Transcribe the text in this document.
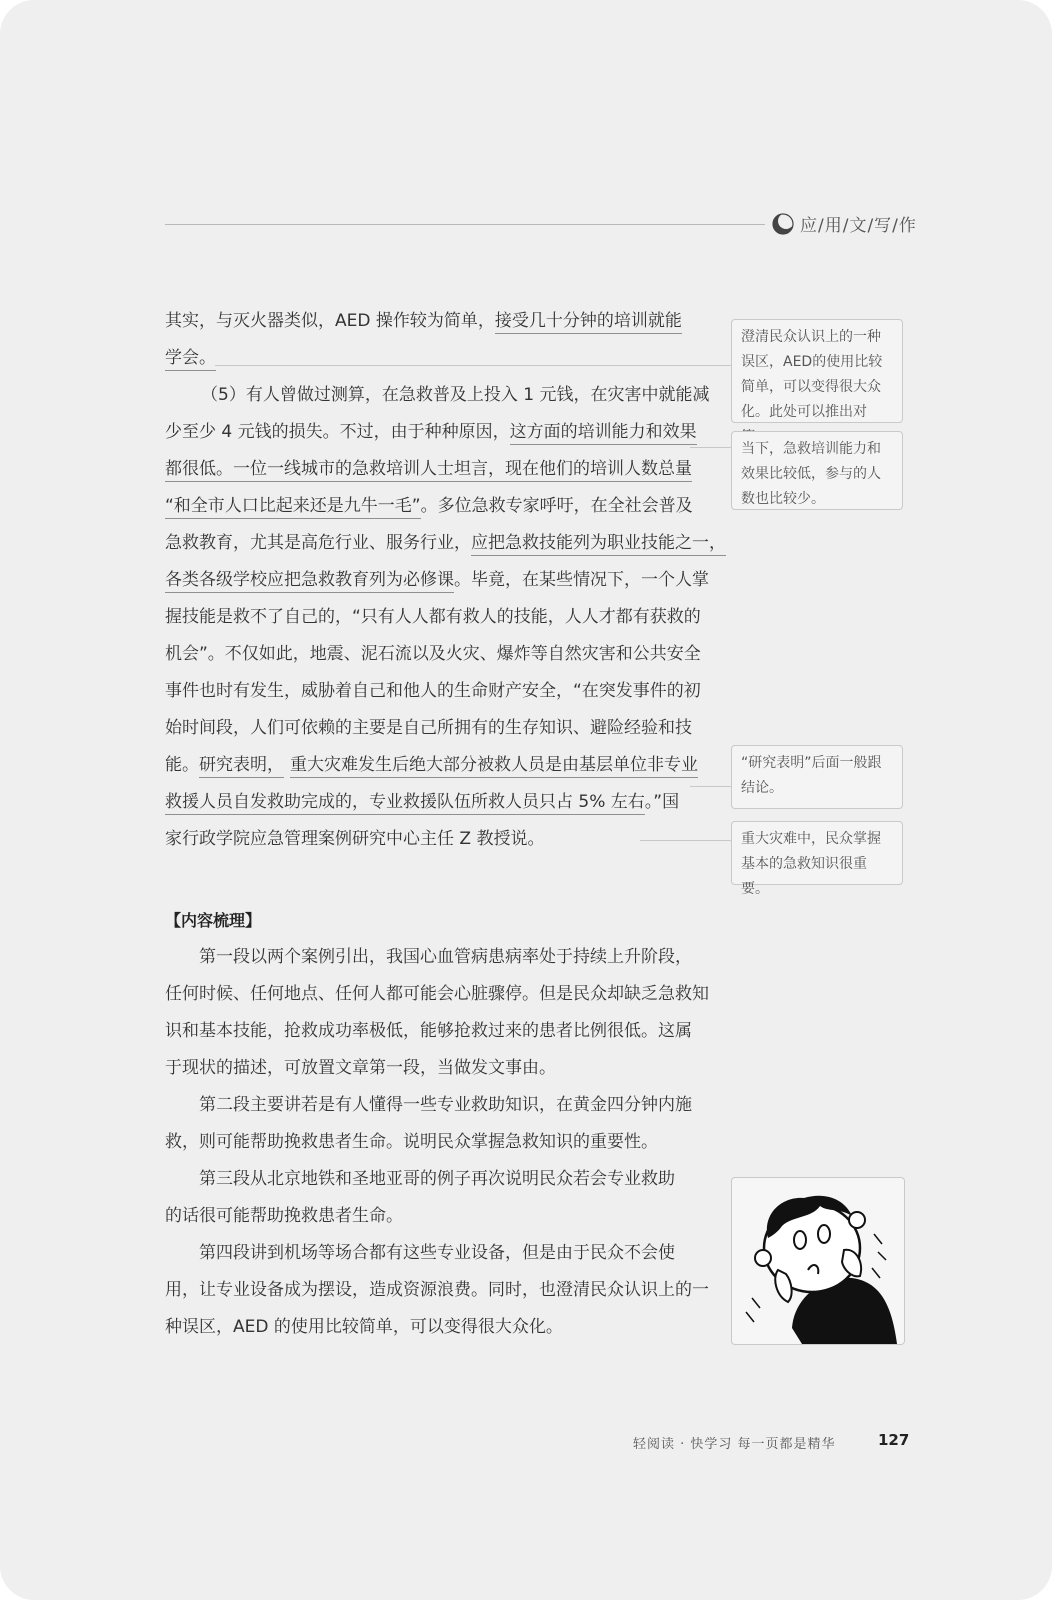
应/用/文/写/作
其实，与灭火器类似，AED 操作较为简单，接受几十分钟的培训就能
学会。
（5）有人曾做过测算，在急救普及上投入 1 元钱，在灾害中就能减
少至少 4 元钱的损失。不过，由于种种原因，这方面的培训能力和效果
都很低。一位一线城市的急救培训人士坦言，现在他们的培训人数总量
“和全市人口比起来还是九牛一毛”。多位急救专家呼吁，在全社会普及
急救教育，尤其是高危行业、服务行业，应把急救技能列为职业技能之一，
各类各级学校应把急救教育列为必修课。毕竟，在某些情况下，一个人掌
握技能是救不了自己的，“只有人人都有救人的技能，人人才都有获救的
机会”。不仅如此，地震、泥石流以及火灾、爆炸等自然灾害和公共安全
事件也时有发生，威胁着自己和他人的生命财产安全，“在突发事件的初
始时间段，人们可依赖的主要是自己所拥有的生存知识、避险经验和技
能。研究表明， 重大灾难发生后绝大部分被救人员是由基层单位非专业
救援人员自发救助完成的，专业救援队伍所救人员只占 5% 左右。”国
家行政学院应急管理案例研究中心主任 Z 教授说。
澄清民众认识上的一种误区，AED的使用比较简单，可以变得很大众化。此处可以推出对
当下，急救培训能力和效果比较低，参与的人数也比较少。
“研究表明”后面一般跟结论。
重大灾难中，民众掌握基本的急救知识很重要。
【内容梳理】
第一段以两个案例引出，我国心血管病患病率处于持续上升阶段，
任何时候、任何地点、任何人都可能会心脏骤停。但是民众却缺乏急救知
识和基本技能，抢救成功率极低，能够抢救过来的患者比例很低。这属
于现状的描述，可放置文章第一段，当做发文事由。
第二段主要讲若是有人懂得一些专业救助知识，在黄金四分钟内施
救，则可能帮助挽救患者生命。说明民众掌握急救知识的重要性。
第三段从北京地铁和圣地亚哥的例子再次说明民众若会专业救助
的话很可能帮助挽救患者生命。
第四段讲到机场等场合都有这些专业设备，但是由于民众不会使
用，让专业设备成为摆设，造成资源浪费。同时，也澄清民众认识上的一
种误区，AED 的使用比较简单，可以变得很大众化。
轻阅读 · 快学习 每一页都是精华	127
